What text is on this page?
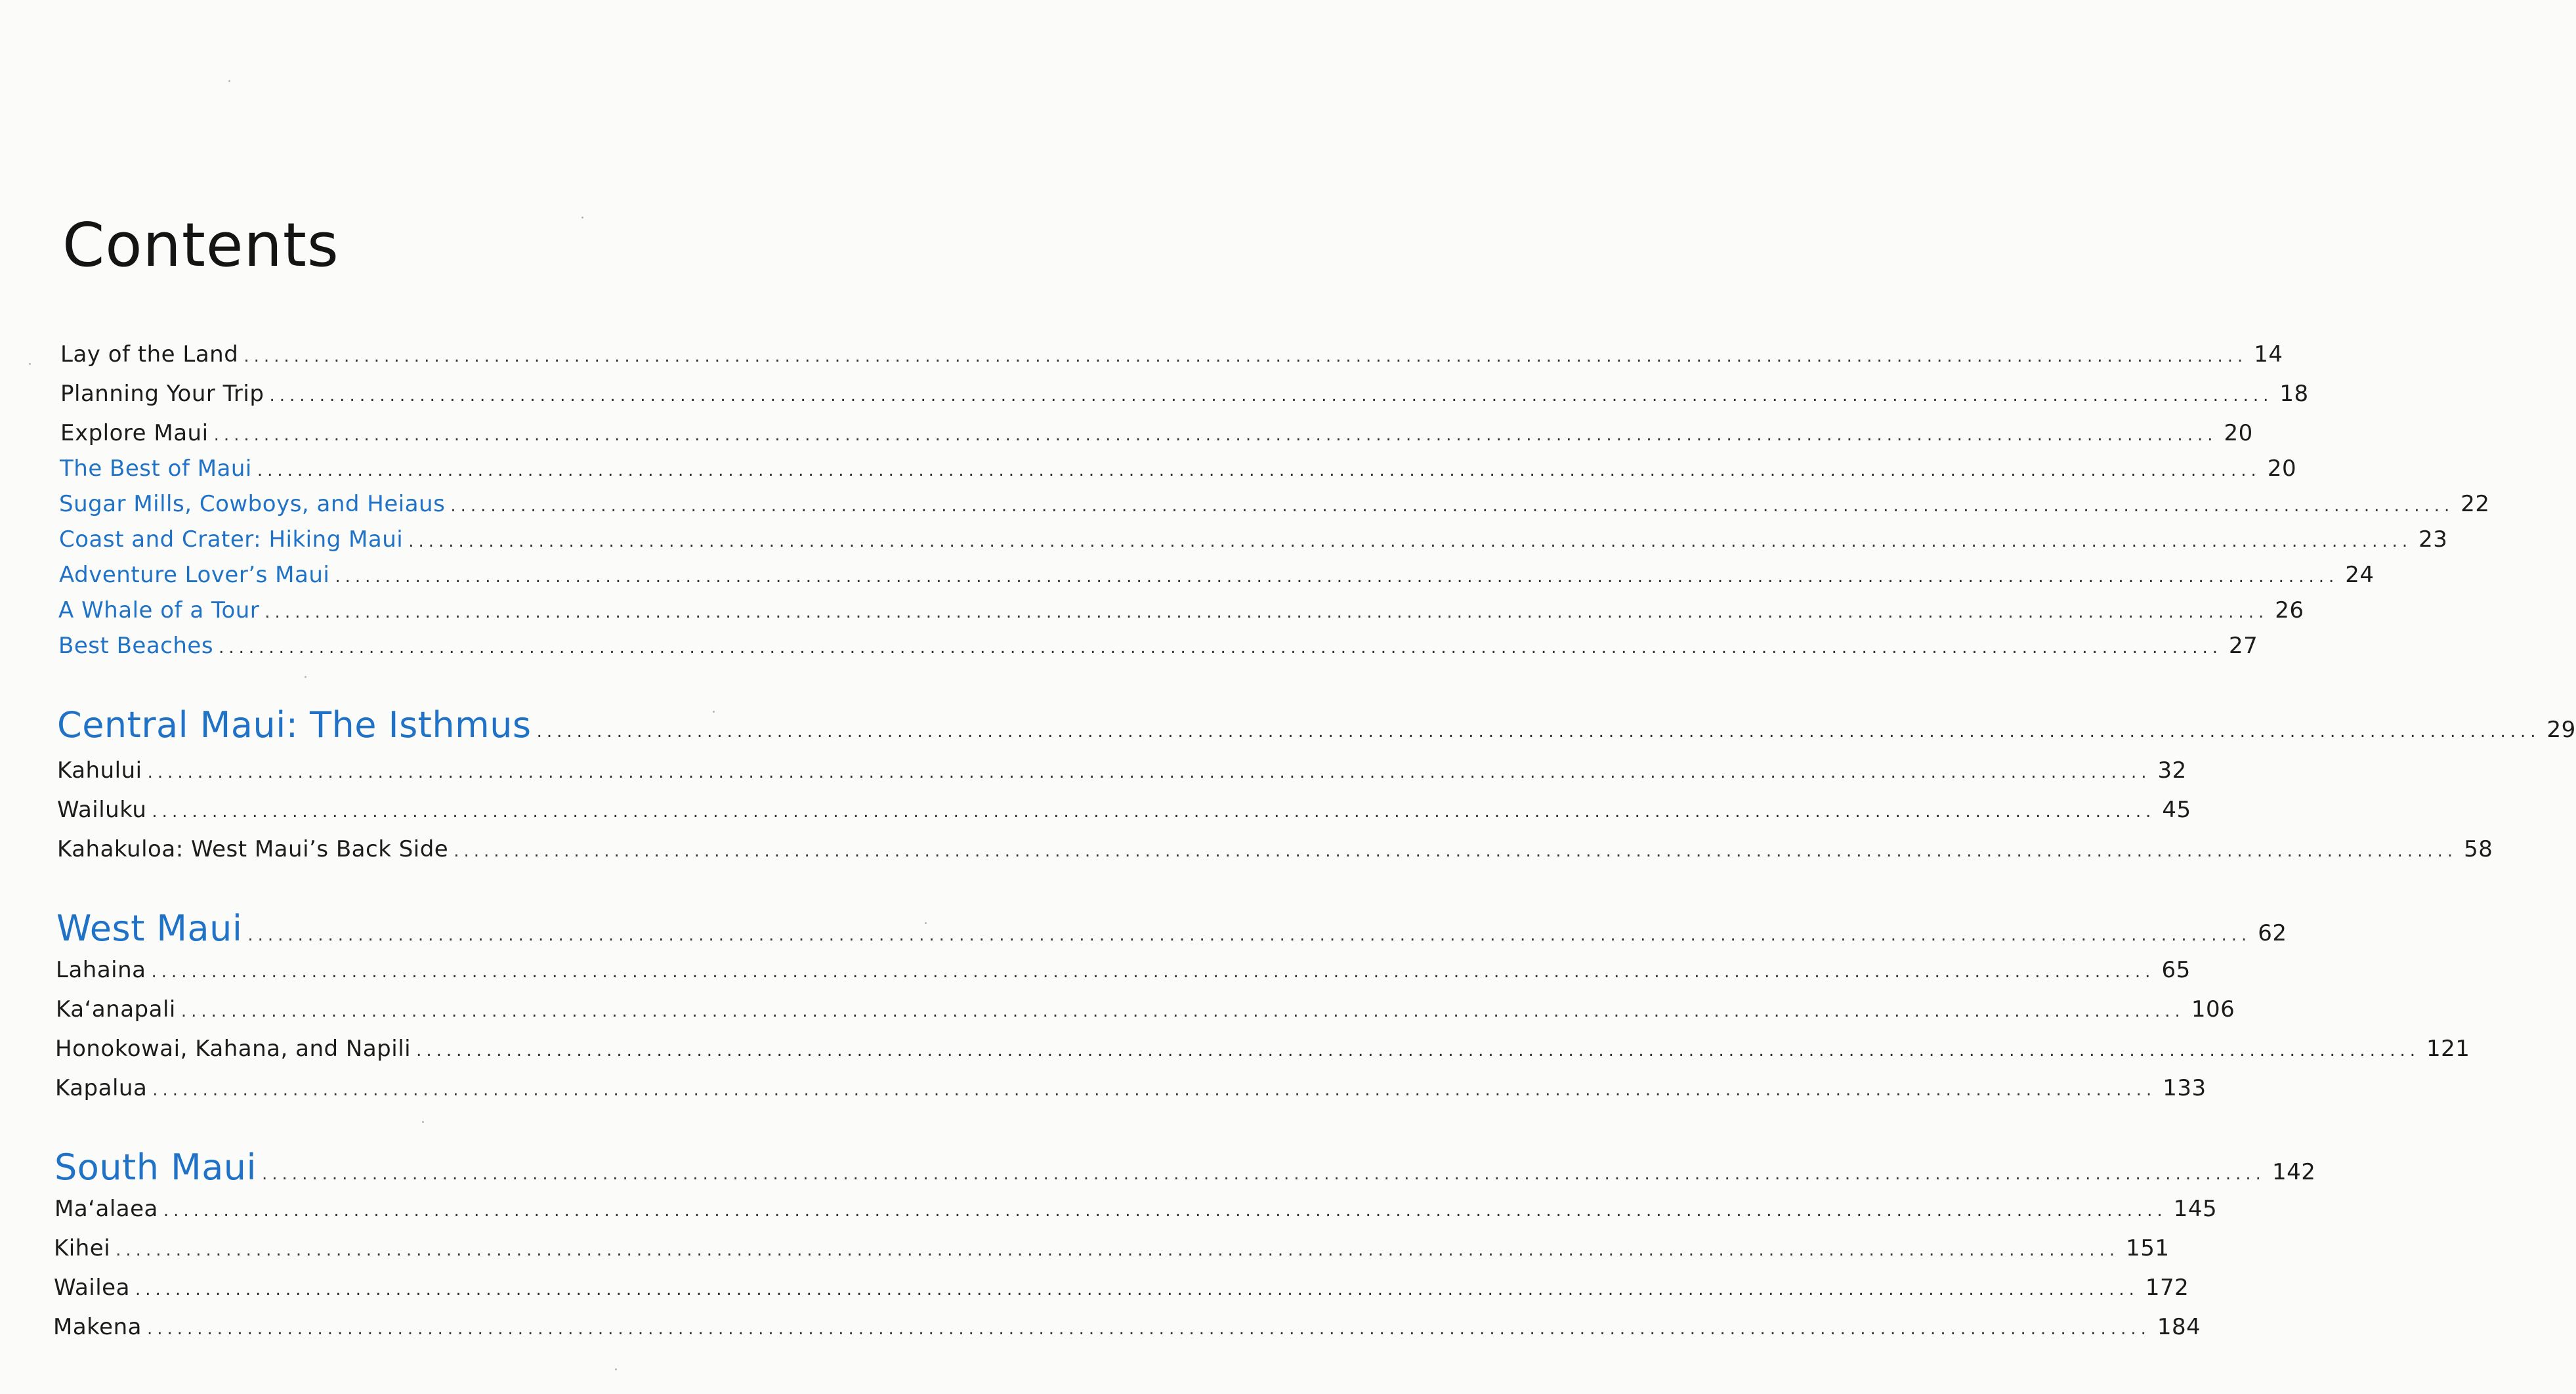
Contents
Lay of the Land ........................................................................................................................................................................................................ 14
Planning Your Trip ........................................................................................................................................................................................................ 18
Explore Maui ........................................................................................................................................................................................................ 20
The Best of Maui ........................................................................................................................................................................................................ 20
Sugar Mills, Cowboys, and Heiaus ........................................................................................................................................................................................................ 22
Coast and Crater: Hiking Maui ........................................................................................................................................................................................................ 23
Adventure Lover’s Maui ........................................................................................................................................................................................................ 24
A Whale of a Tour ........................................................................................................................................................................................................ 26
Best Beaches ........................................................................................................................................................................................................ 27
Central Maui: The Isthmus ........................................................................................................................................................................................................ 29
Kahului ........................................................................................................................................................................................................ 32
Wailuku ........................................................................................................................................................................................................ 45
Kahakuloa: West Maui’s Back Side ........................................................................................................................................................................................................ 58
West Maui ........................................................................................................................................................................................................ 62
Lahaina ........................................................................................................................................................................................................ 65
Ka‘anapali ........................................................................................................................................................................................................ 106
Honokowai, Kahana, and Napili ........................................................................................................................................................................................................ 121
Kapalua ........................................................................................................................................................................................................ 133
South Maui ........................................................................................................................................................................................................ 142
Ma‘alaea ........................................................................................................................................................................................................ 145
Kihei ........................................................................................................................................................................................................ 151
Wailea ........................................................................................................................................................................................................ 172
Makena ........................................................................................................................................................................................................ 184
